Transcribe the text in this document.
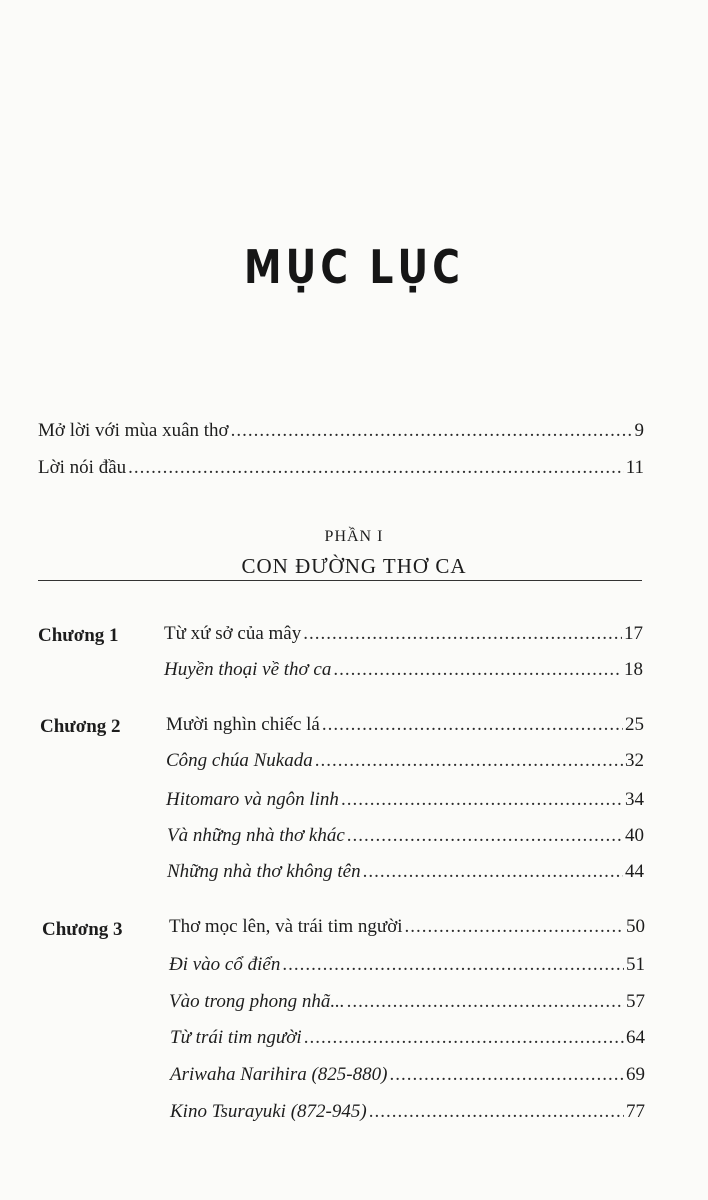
MỤC LỤC
Mở lời với mùa xuân thơ .....	9
Lời nói đầu .....	11
PHẦN I
CON ĐƯỜNG THƠ CA
Chương 1 Từ xứ sở của mây .....	17
Huyền thoại về thơ ca .....	18
Chương 2 Mười nghìn chiếc lá .....	25
Công chúa Nukada .....	32
Hitomaro và ngôn linh .....	34
Và những nhà thơ khác .....	40
Những nhà thơ không tên .....	44
Chương 3 Thơ mọc lên, và trái tim người .....	50
Đi vào cổ điển .....	51
Vào trong phong nhã... .....	57
Từ trái tim người .....	64
Ariwaha Narihira (825-880) .....	69
Kino Tsurayuki (872-945) .....	77
